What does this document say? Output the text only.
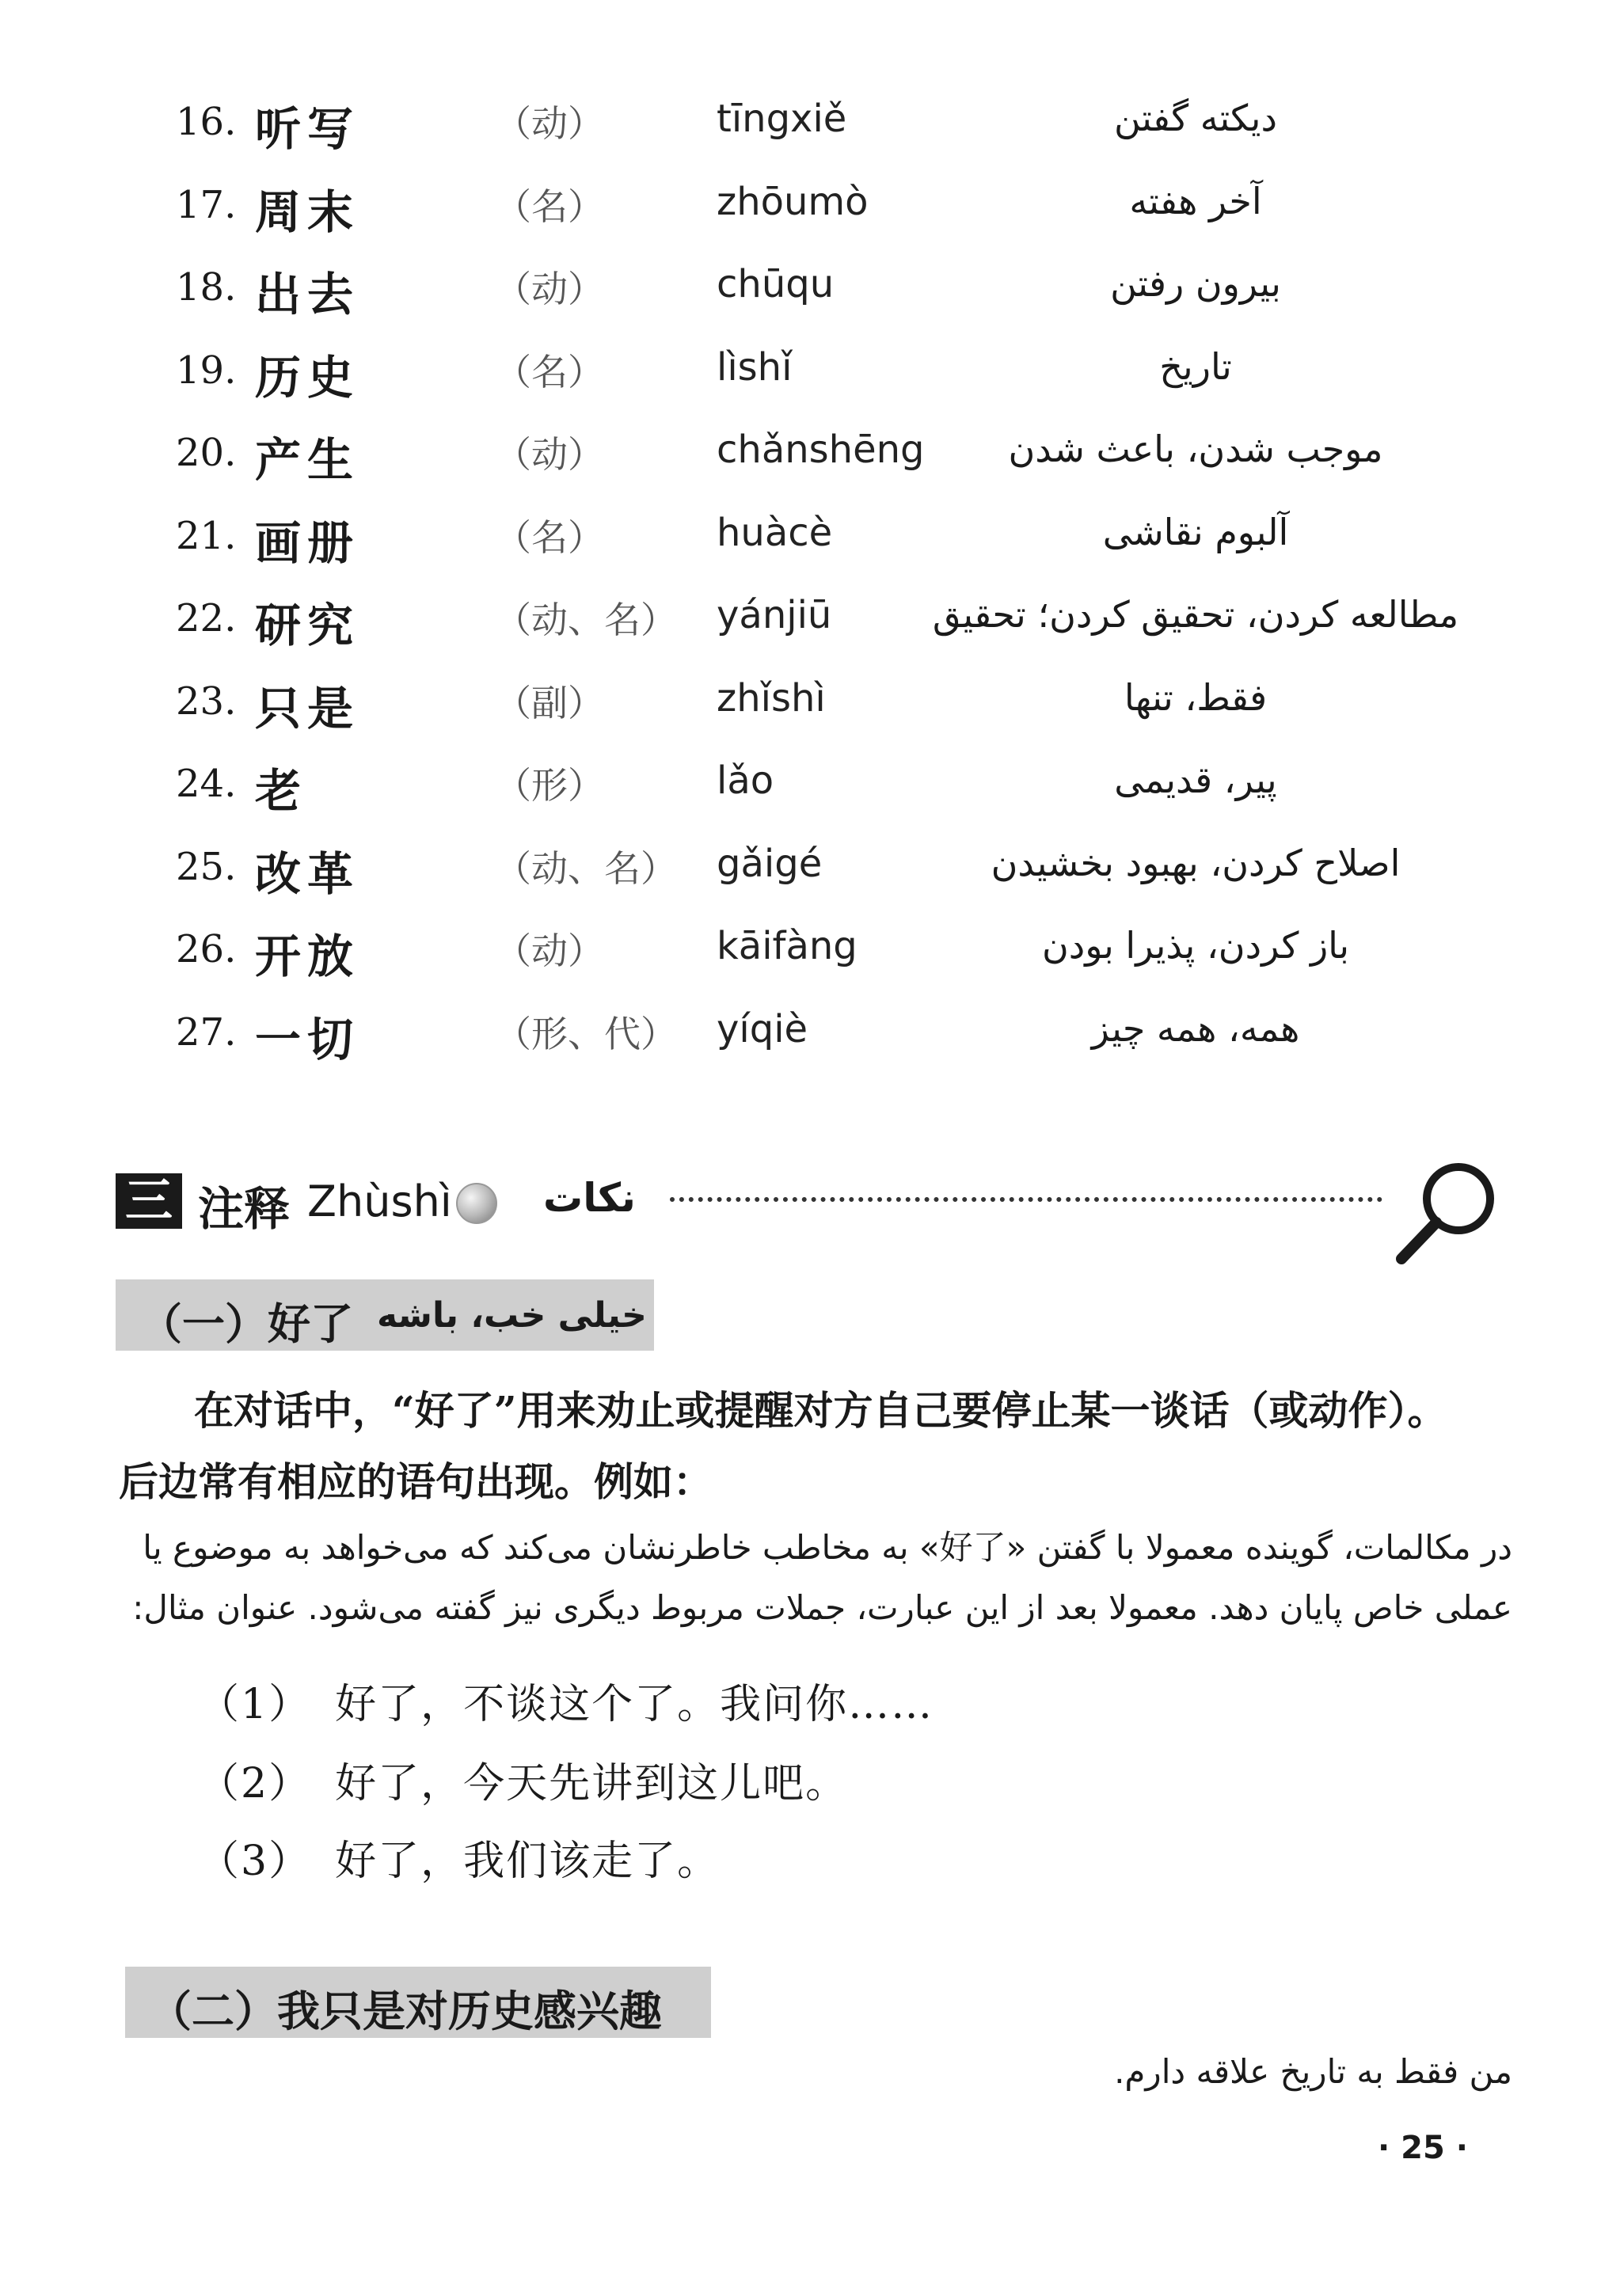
16. 听写	（动）	tīngxiě	دیکته گفتن
17. 周末	（名）	zhōumò	آخر هفته
18. 出去	（动）	chūqu	بیرون رفتن
19. 历史	（名）	lìshǐ	تاریخ
20. 产生	（动）	chǎnshēng	موجب شدن، باعث شدن
21. 画册	（名）	huàcè	آلبوم نقاشی
22. 研究	（动、名） yánjiū	مطالعه کردن، تحقیق کردن؛ تحقیق
23. 只是	（副）	zhǐshì	فقط، تنها
24. 老	（形）	lǎo	پیر، قدیمی
25. 改革	（动、名） gǎigé	اصلاح کردن، بهبود بخشیدن
26. 开放	（动）	kāifàng	باز کردن، پذیرا بودن
27. 一切	（形、代） yíqiè	همه، همه چیز
三 注释 Zhùshì نکات
（一）好了 خیلی خب، باشه
在对话中，“好了”用来劝止或提醒对方自己要停止某一谈话（或动作）。
后边常有相应的语句出现。例如：
در مکالمات، گوینده معمولا با گفتن «好了» به مخاطب خاطرنشان می‌کند که می‌خواهد به موضوع یا
عملی خاص پایان دهد. معمولا بعد از این عبارت، جملات مربوط دیگری نیز گفته می‌شود. عنوان مثال:
（1） 好了，不谈这个了。我问你……
（2） 好了，今天先讲到这儿吧。
（3） 好了，我们该走了。
（二）我只是对历史感兴趣
من فقط به تاریخ علاقه دارم.
· 25 ·
